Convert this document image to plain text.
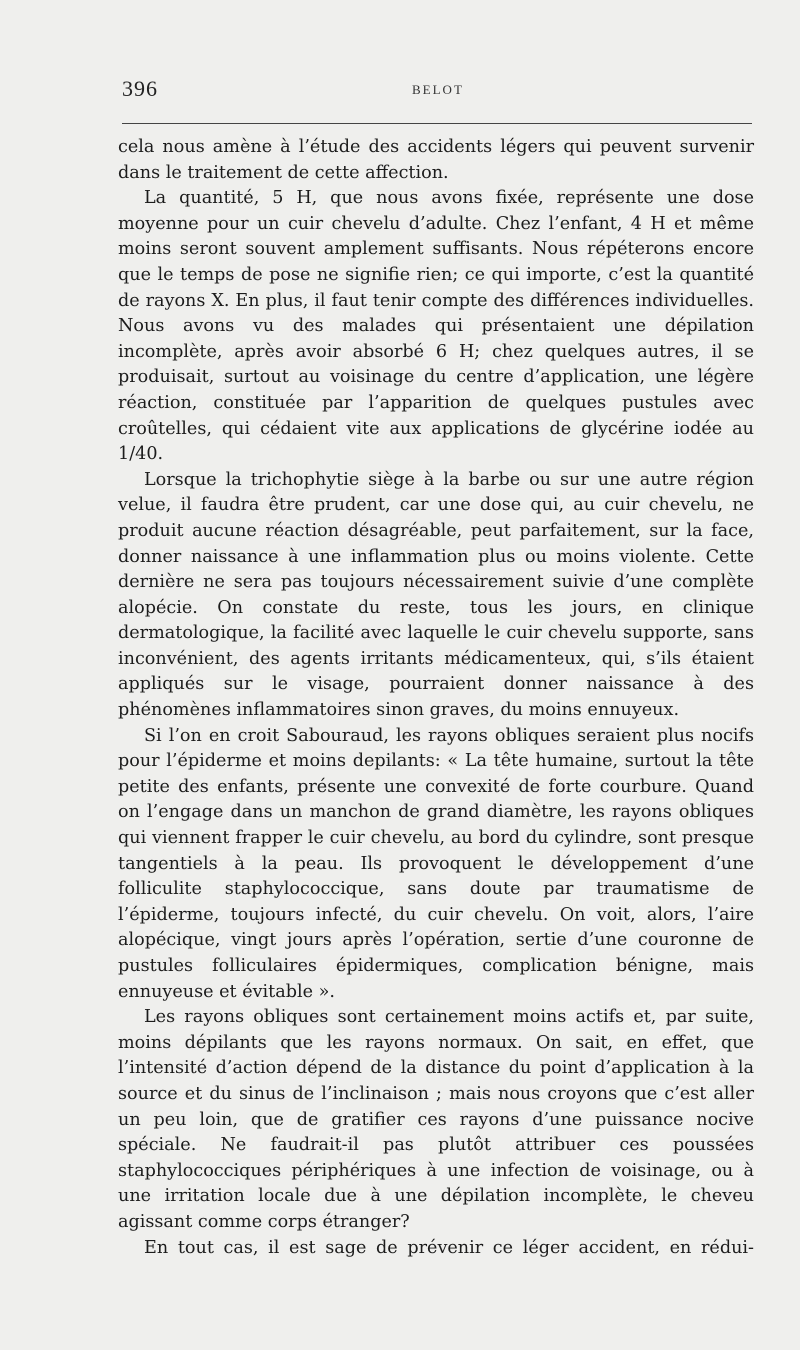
396	BELOT

cela nous amène à l’étude des accidents légers qui peuvent survenir dans le traitement de cette affection.

La quantité, 5 H, que nous avons fixée, représente une dose moyenne pour un cuir chevelu d’adulte. Chez l’enfant, 4 H et même moins seront souvent amplement suffisants. Nous répéterons encore que le temps de pose ne signifie rien; ce qui importe, c’est la quantité de rayons X. En plus, il faut tenir compte des différences individuelles. Nous avons vu des malades qui présentaient une dépilation incomplète, après avoir absorbé 6 H; chez quelques autres, il se produisait, surtout au voisinage du centre d’application, une légère réaction, constituée par l’apparition de quelques pustules avec croûtelles, qui cédaient vite aux applications de glycérine iodée au 1/40.

Lorsque la trichophytie siège à la barbe ou sur une autre région velue, il faudra être prudent, car une dose qui, au cuir chevelu, ne produit aucune réaction désagréable, peut parfaitement, sur la face, donner naissance à une inflammation plus ou moins violente. Cette dernière ne sera pas toujours nécessairement suivie d’une complète alopécie. On constate du reste, tous les jours, en clinique dermatologique, la facilité avec laquelle le cuir chevelu supporte, sans inconvénient, des agents irritants médicamenteux, qui, s’ils étaient appliqués sur le visage, pourraient donner naissance à des phénomènes inflammatoires sinon graves, du moins ennuyeux.

Si l’on en croit Sabouraud, les rayons obliques seraient plus nocifs pour l’épiderme et moins depilants: « La tête humaine, surtout la tête petite des enfants, présente une convexité de forte courbure. Quand on l’engage dans un manchon de grand diamètre, les rayons obliques qui viennent frapper le cuir chevelu, au bord du cylindre, sont presque tangentiels à la peau. Ils provoquent le développement d’une folliculite staphylococcique, sans doute par traumatisme de l’épiderme, toujours infecté, du cuir chevelu. On voit, alors, l’aire alopécique, vingt jours après l’opération, sertie d’une couronne de pustules folliculaires épidermiques, complication bénigne, mais ennuyeuse et évitable ».

Les rayons obliques sont certainement moins actifs et, par suite, moins dépilants que les rayons normaux. On sait, en effet, que l’intensité d’action dépend de la distance du point d’application à la source et du sinus de l’inclinaison ; mais nous croyons que c’est aller un peu loin, que de gratifier ces rayons d’une puissance nocive spéciale. Ne faudrait-il pas plutôt attribuer ces poussées staphylococciques périphériques à une infection de voisinage, ou à une irritation locale due à une dépilation incomplète, le cheveu agissant comme corps étranger?

En tout cas, il est sage de prévenir ce léger accident, en rédui-
